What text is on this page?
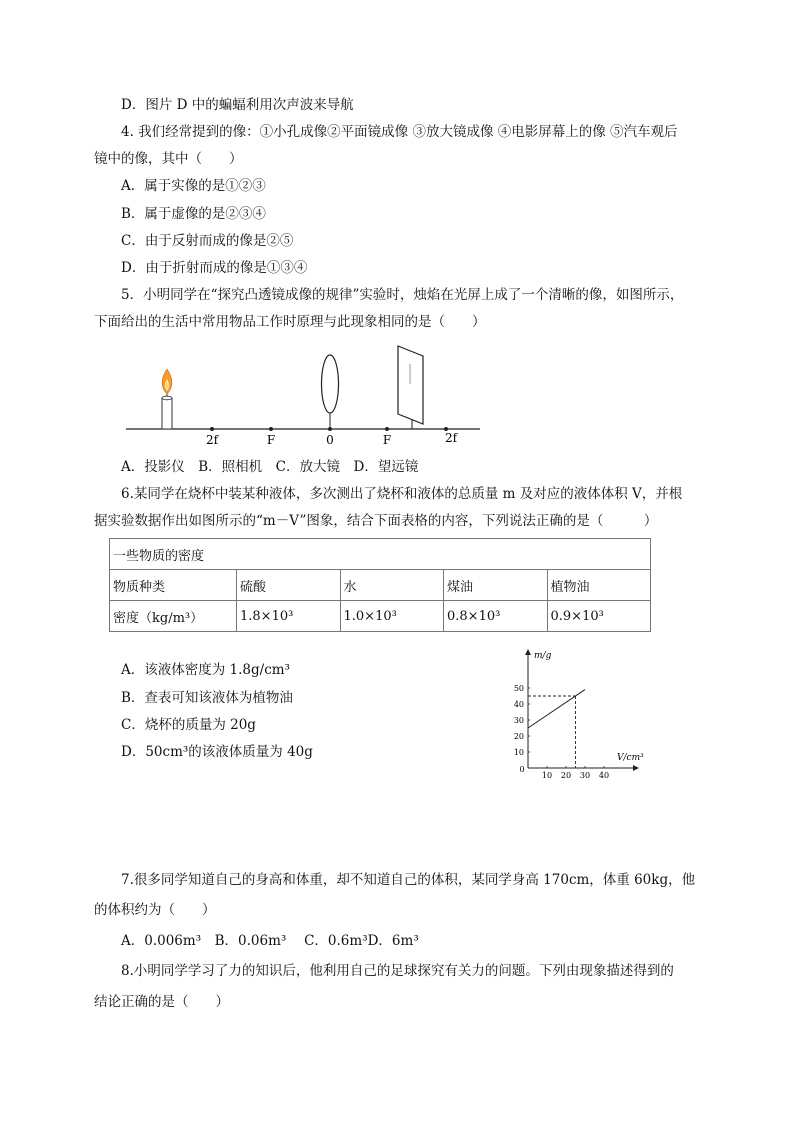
D．图片 D 中的蝙蝠利用次声波来导航
4. 我们经常提到的像：①小孔成像②平面镜成像 ③放大镜成像 ④电影屏幕上的像 ⑤汽车观后
镜中的像，其中（　　）
A．属于实像的是①②③
B．属于虚像的是②③④
C．由于反射而成的像是②⑤
D．由于折射而成的像是①③④
5．小明同学在“探究凸透镜成像的规律”实验时，烛焰在光屏上成了一个清晰的像，如图所示，
下面给出的生活中常用物品工作时原理与此现象相同的是（　　）
2f	F	0	F	2f
A．投影仪　B．照相机　C．放大镜　D．望远镜
6.某同学在烧杯中装某种液体，多次测出了烧杯和液体的总质量 m 及对应的液体体积 V，并根
据实验数据作出如图所示的“m－V”图象，结合下面表格的内容，下列说法正确的是（　　　）
一些物质的密度				
物质种类	硫酸	水	煤油	植物油
密度（kg/m³）	1.8×10³	1.0×10³	0.8×10³	0.9×10³
A．该液体密度为 1.8g/cm³
B．查表可知该液体为植物油
C．烧杯的质量为 20g
D．50cm³的该液体质量为 40g
m/g
V/cm³
0
10 20 30 40
10
20
30
40
50
7.很多同学知道自己的身高和体重，却不知道自己的体积，某同学身高 170cm，体重 60kg，他
的体积约为（　　）
A．0.006m³　B．0.06m³　 C．0.6m³D．6m³
8.小明同学学习了力的知识后，他利用自己的足球探究有关力的问题。下列由现象描述得到的
结论正确的是（　　）
